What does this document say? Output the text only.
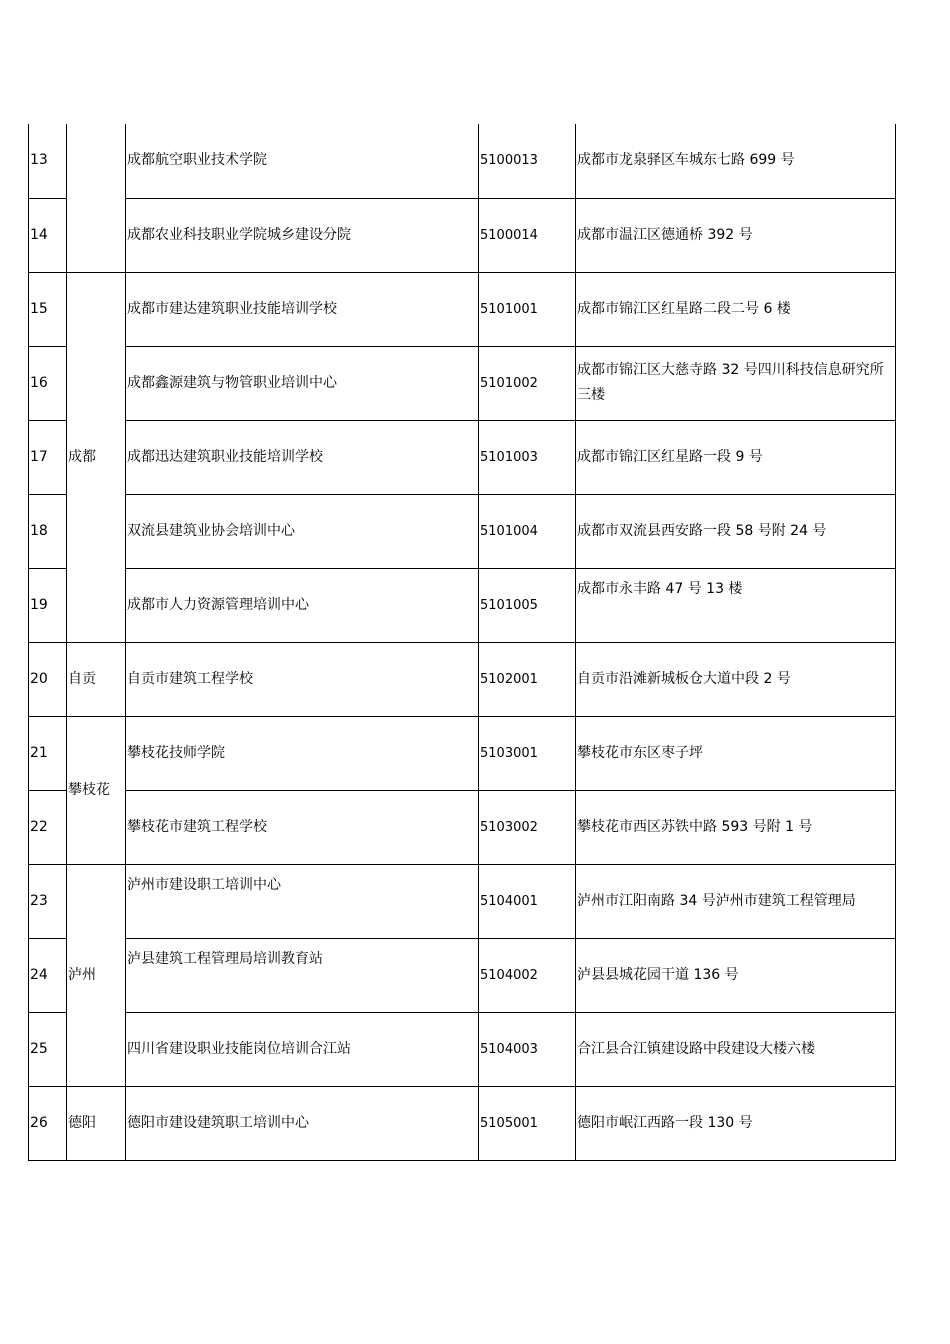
13		成都航空职业技术学院	5100013	成都市龙泉驿区车城东七路 699 号
14		成都农业科技职业学院城乡建设分院	5100014	成都市温江区德通桥 392 号
15	成都	成都市建达建筑职业技能培训学校	5101001	成都市锦江区红星路二段二号 6 楼
16		成都鑫源建筑与物管职业培训中心	5101002	成都市锦江区大慈寺路 32 号四川科技信息研究所三楼
17		成都迅达建筑职业技能培训学校	5101003	成都市锦江区红星路一段 9 号
18		双流县建筑业协会培训中心	5101004	成都市双流县西安路一段 58 号附 24 号
19		成都市人力资源管理培训中心	5101005	成都市永丰路 47 号 13 楼
20	自贡	自贡市建筑工程学校	5102001	自贡市沿滩新城板仓大道中段 2 号
21	攀枝花	攀枝花技师学院	5103001	攀枝花市东区枣子坪
22		攀枝花市建筑工程学校	5103002	攀枝花市西区苏铁中路 593 号附 1 号
23	泸州	泸州市建设职工培训中心	5104001	泸州市江阳南路 34 号泸州市建筑工程管理局
24		泸县建筑工程管理局培训教育站	5104002	泸县县城花园干道 136 号
25		四川省建设职业技能岗位培训合江站	5104003	合江县合江镇建设路中段建设大楼六楼
26	德阳	德阳市建设建筑职工培训中心	5105001	德阳市岷江西路一段 130 号
